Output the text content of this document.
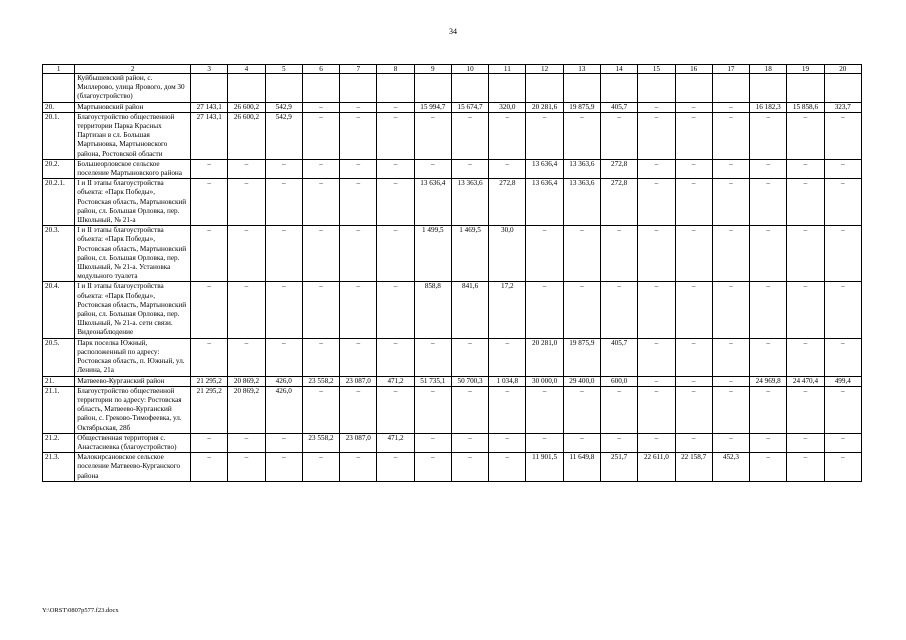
34
1	2	3	4	5	6	7	8	9	10	11	12	13	14	15	16	17	18	19	20
	Куйбышевский район, с. Миллерово, улица Ярового, дом 30 (благоустройство)																		
20.	Мартыновский район	27 143,1	26 600,2	542,9	–	–	–	15 994,7	15 674,7	320,0	20 281,6	19 875,9	405,7	–	–	–	16 182,3	15 858,6	323,7
20.1.	Благоустройство общественной территории Парка Красных Партизан в сл. Большая Мартыновка, Мартыновского района, Ростовской области	27 143,1	26 600,2	542,9	–	–	–	–	–	–	–	–	–	–	–	–	–	–	–
20.2.	Большеорловское сельское поселение Мартыновского района	–	–	–	–	–	–	–	–	–	13 636,4	13 363,6	272,8	–	–	–	–	–	–
20.2.1.	I и II этапы благоустройства объекта: «Парк Победы», Ростовская область, Мартыновский район, сл. Большая Орловка, пер. Школьный, № 21-а	–	–	–	–	–	–	13 636,4	13 363,6	272,8	13 636,4	13 363,6	272,8	–	–	–	–	–	–
20.3.	I и II этапы благоустройства объекта: «Парк Победы», Ростовская область, Мартыновский район, сл. Большая Орловка, пер. Школьный, № 21-а. Установка модульного туалета	–	–	–	–	–	–	1 499,5	1 469,5	30,0	–	–	–	–	–	–	–	–	–
20.4.	I и II этапы благоустройства объекта: «Парк Победы», Ростовская область, Мартыновский район, сл. Большая Орловка, пер. Школьный, № 21-а. сети связи. Видеонаблюдение	–	–	–	–	–	–	858,8	841,6	17,2	–	–	–	–	–	–	–	–	–
20.5.	Парк поселка Южный, расположенный по адресу: Ростовская область, п. Южный, ул. Ленина, 21а	–	–	–	–	–	–	–	–	–	20 281,0	19 875,9	405,7	–	–	–	–	–	–
21.	Матвеево-Курганский район	21 295,2	20 869,2	426,0	23 558,2	23 087,0	471,2	51 735,1	50 700,3	1 034,8	30 000,0	29 400,0	600,0	–	–	–	24 969,8	24 470,4	499,4
21.1.	Благоустройство общественной территории по адресу: Ростовская область, Матвеево-Курганский район, с. Греково-Тимофеевка, ул. Октябрьская, 28б	21 295,2	20 869,2	426,0	–	–	–	–	–	–	–	–	–	–	–	–	–	–	–
21.2.	Общественная территория с. Анастасиевка (благоустройство)	–	–	–	23 558,2	23 087,0	471,2	–	–	–	–	–	–	–	–	–	–	–	–
21.3.	Малокирсановское сельское поселение Матвеево-Курганского района	–	–	–	–	–	–	–	–	–	11 901,5	11 649,8	251,7	22 611,0	22 158,7	452,3	–	–	–
Y:\ORST\0807p577.f23.docx
